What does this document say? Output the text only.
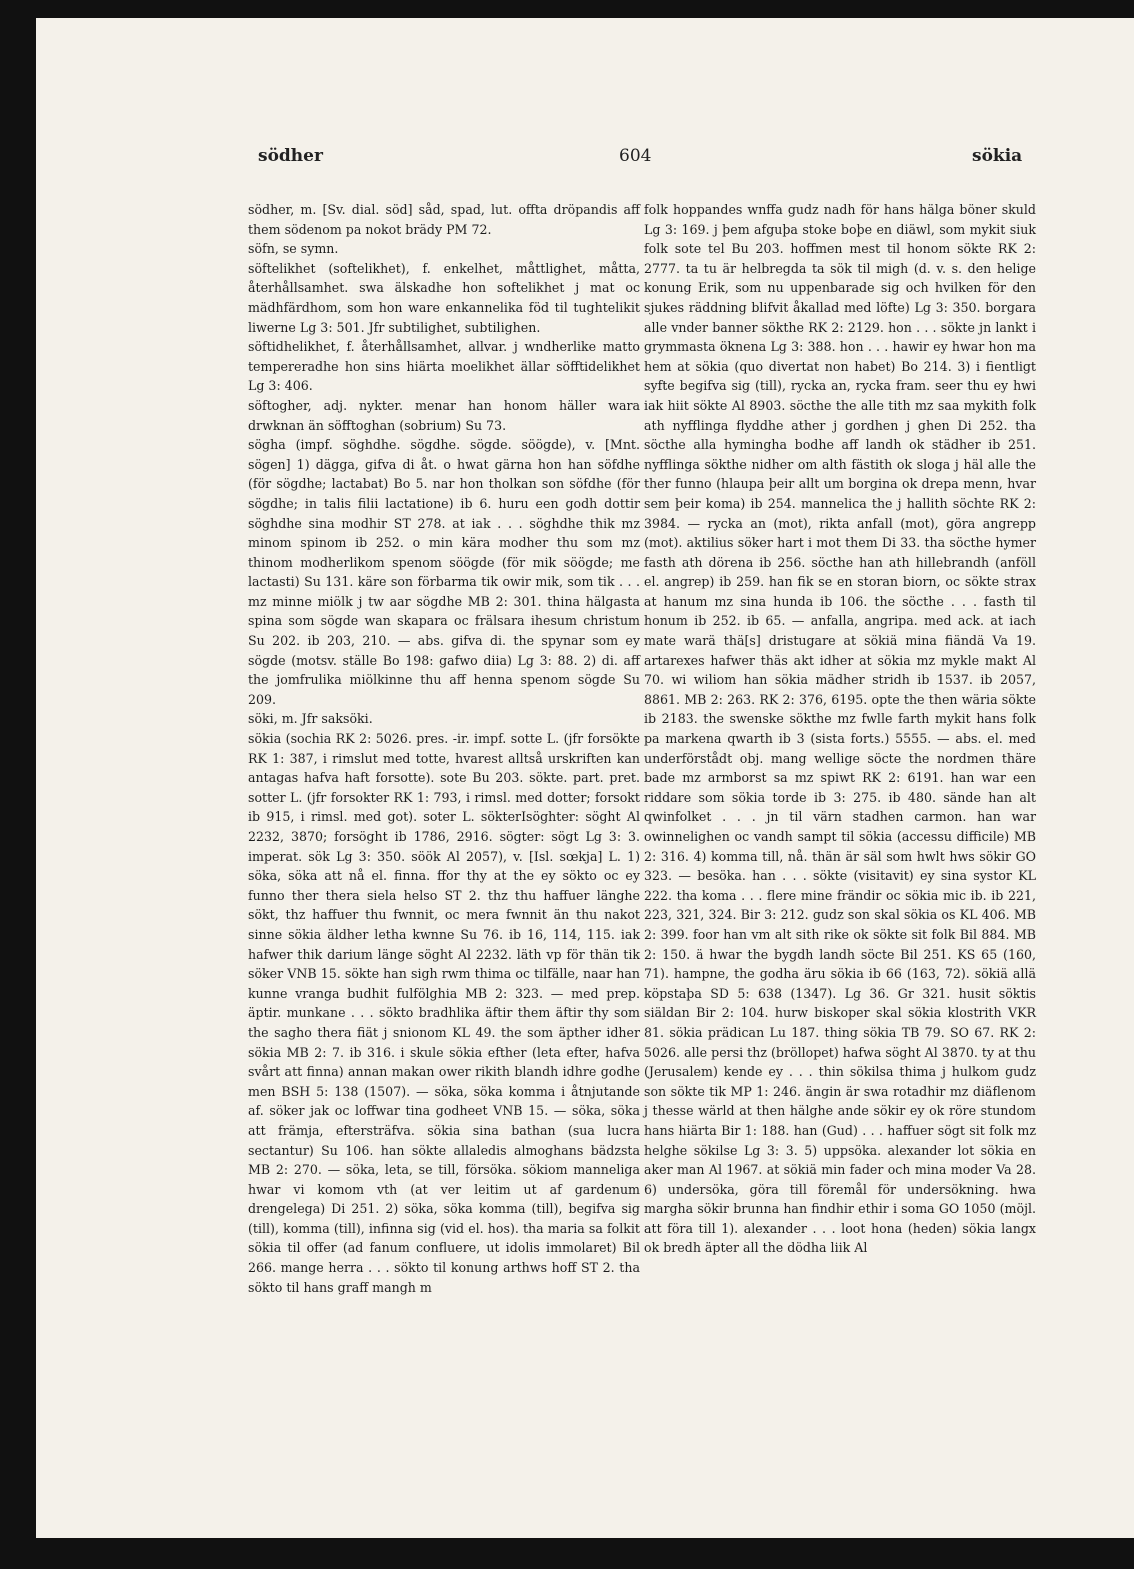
södher	604	sökia

södher, m. [Sv. dial. söd] såd, spad, lut. offta dröpandis aff them södenom pa nokot brädy PM 72.

söfn, se symn.

söftelikhet (softelikhet), f. enkelhet, måttlighet, måtta, återhållsamhet. swa älskadhe hon softelikhet j mat oc mädhfärdhom, som hon ware enkannelika föd til tughtelikit liwerne Lg 3: 501. Jfr subtilighet, subtilighen.

söftidhelikhet, f. återhållsamhet, allvar. j wndherlike matto tempereradhe hon sins hiärta moelikhet ällar söfftidelikhet Lg 3: 406.

söftogher, adj. nykter. menar han honom häller wara drwknan än söfftoghan (sobrium) Su 73.

sögha (impf. söghdhe. sögdhe. sögde. söögde), v. [Mnt. sögen] 1) dägga, gifva di åt. o hwat gärna hon han söfdhe (för sögdhe; lactabat) Bo 5. nar hon tholkan son söfdhe (för sögdhe; in talis filii lactatione) ib 6. huru een godh dottir söghdhe sina modhir ST 278. at iak . . . söghdhe thik mz minom spinom ib 252. o min kära modher thu som mz thinom modherlikom spenom söögde (för mik söögde; me lactasti) Su 131. käre son förbarma tik owir mik, som tik . . . mz minne miölk j tw aar sögdhe MB 2: 301. thina hälgasta spina som sögde wan skapara oc frälsara ihesum christum Su 202. ib 203, 210. — abs. gifva di. the spynar som ey sögde (motsv. ställe Bo 198: gafwo diia) Lg 3: 88. 2) di. aff the jomfrulika miölkinne thu aff henna spenom sögde Su 209.

söki, m. Jfr saksöki.

sökia (sochia RK 2: 5026. pres. -ir. impf. sotte L. (jfr forsökte RK 1: 387, i rimslut med totte, hvarest alltså urskriften kan antagas hafva haft forsotte). sote Bu 203. sökte. part. pret. sotter L. (jfr forsokter RK 1: 793, i rimsl. med dotter; forsokt ib 915, i rimsl. med got). soter L. sökterIsöghter: söght Al 2232, 3870; forsöght ib 1786, 2916. sögter: sögt Lg 3: 3. imperat. sök Lg 3: 350. söök Al 2057), v. [Isl. sœkja] L. 1) söka, söka att nå el. finna. ffor thy at the ey sökto oc ey funno ther thera siela helso ST 2. thz thu haffuer länghe sökt, thz haffuer thu fwnnit, oc mera fwnnit än thu nakot sinne sökia äldher letha kwnne Su 76. ib 16, 114, 115. iak hafwer thik darium länge söght Al 2232. läth vp för thän tik söker VNB 15. sökte han sigh rwm thima oc tilfälle, naar han kunne vranga budhit fulfölghia MB 2: 323. — med prep. äptir. munkane . . . sökto bradhlika äftir them äftir thy som the sagho thera fiät j snionom KL 49. the som äpther idher sökia MB 2: 7. ib 316. i skule sökia efther (leta efter, hafva svårt att finna) annan makan ower rikith blandh idhre godhe men BSH 5: 138 (1507). — söka, söka komma i åtnjutande af. söker jak oc loffwar tina godheet VNB 15. — söka, söka att främja, eftersträfva. sökia sina bathan (sua lucra sectantur) Su 106. han sökte allaledis almoghans bädzsta MB 2: 270. — söka, leta, se till, försöka. sökiom manneliga hwar vi komom vth (at ver leitim ut af gardenum drengelega) Di 251. 2) söka, söka komma (till), begifva sig (till), komma (till), infinna sig (vid el. hos). tha maria sa folkit sökia til offer (ad fanum confluere, ut idolis immolaret) Bil 266. mange herra . . . sökto til konung arthws hoff ST 2. tha sökto til hans graff mangh m

folk hoppandes wnffa gudz nadh för hans hälga böner skuld Lg 3: 169. j þem afguþa stoke boþe en diäwl, som mykit siuk folk sote tel Bu 203. hoffmen mest til honom sökte RK 2: 2777. ta tu är helbregda ta sök til migh (d. v. s. den helige konung Erik, som nu uppenbarade sig och hvilken för den sjukes räddning blifvit åkallad med löfte) Lg 3: 350. borgara alle vnder banner sökthe RK 2: 2129. hon . . . sökte jn lankt i grymmasta öknena Lg 3: 388. hon . . . hawir ey hwar hon ma hem at sökia (quo divertat non habet) Bo 214. 3) i fientligt syfte begifva sig (till), rycka an, rycka fram. seer thu ey hwi iak hiit sökte Al 8903. söcthe the alle tith mz saa mykith folk ath nyfflinga flyddhe ather j gordhen j ghen Di 252. tha söcthe alla hymingha bodhe aff landh ok städher ib 251. nyfflinga sökthe nidher om alth fästith ok sloga j häl alle the ther funno (hlaupa þeir allt um borgina ok drepa menn, hvar sem þeir koma) ib 254. mannelica the j hallith söchte RK 2: 3984. — rycka an (mot), rikta anfall (mot), göra angrepp (mot). aktilius söker hart i mot them Di 33. tha söcthe hymer fasth ath dörena ib 256. söcthe han ath hillebrandh (anföll el. angrep) ib 259. han fik se en storan biorn, oc sökte strax at hanum mz sina hunda ib 106. the söcthe . . . fasth til honum ib 252. ib 65. — anfalla, angripa. med ack. at iach mate warä thä[s] dristugare at sökiä mina fiändä Va 19. artarexes hafwer thäs akt idher at sökia mz mykle makt Al 70. wi wiliom han sökia mädher stridh ib 1537. ib 2057, 8861. MB 2: 263. RK 2: 376, 6195. opte the then wäria sökte ib 2183. the swenske sökthe mz fwlle farth mykit hans folk pa markena qwarth ib 3 (sista forts.) 5555. — abs. el. med underförstådt obj. mang wellige söcte the nordmen thäre bade mz armborst sa mz spiwt RK 2: 6191. han war een riddare som sökia torde ib 3: 275. ib 480. sände han alt qwinfolket . . . jn til värn stadhen carmon. han war owinnelighen oc vandh sampt til sökia (accessu difficile) MB 2: 316. 4) komma till, nå. thän är säl som hwlt hws sökir GO 323. — besöka. han . . . sökte (visitavit) ey sina systor KL 222. tha koma . . . flere mine frändir oc sökia mic ib. ib 221, 223, 321, 324. Bir 3: 212. gudz son skal sökia os KL 406. MB 2: 399. foor han vm alt sith rike ok sökte sit folk Bil 884. MB 2: 150. ä hwar the bygdh landh söcte Bil 251. KS 65 (160, 71). hampne, the godha äru sökia ib 66 (163, 72). sökiä allä köpstaþa SD 5: 638 (1347). Lg 36. Gr 321. husit söktis siäldan Bir 2: 104. hurw biskoper skal sökia klostrith VKR 81. sökia prädican Lu 187. thing sökia TB 79. SO 67. RK 2: 5026. alle persi thz (bröllopet) hafwa söght Al 3870. ty at thu (Jerusalem) kende ey . . . thin sökilsa thima j hulkom gudz son sökte tik MP 1: 246. ängin är swa rotadhir mz diäflenom j thesse wärld at then hälghe ande sökir ey ok röre stundom hans hiärta Bir 1: 188. han (Gud) . . . haffuer sögt sit folk mz helghe sökilse Lg 3: 3. 5) uppsöka. alexander lot sökia en aker man Al 1967. at sökiä min fader och mina moder Va 28. 6) undersöka, göra till föremål för undersökning. hwa margha sökir brunna han findhir ethir i soma GO 1050 (möjl. att föra till 1). alexander . . . loot hona (heden) sökia langx ok bredh äpter all the dödha liik Al
